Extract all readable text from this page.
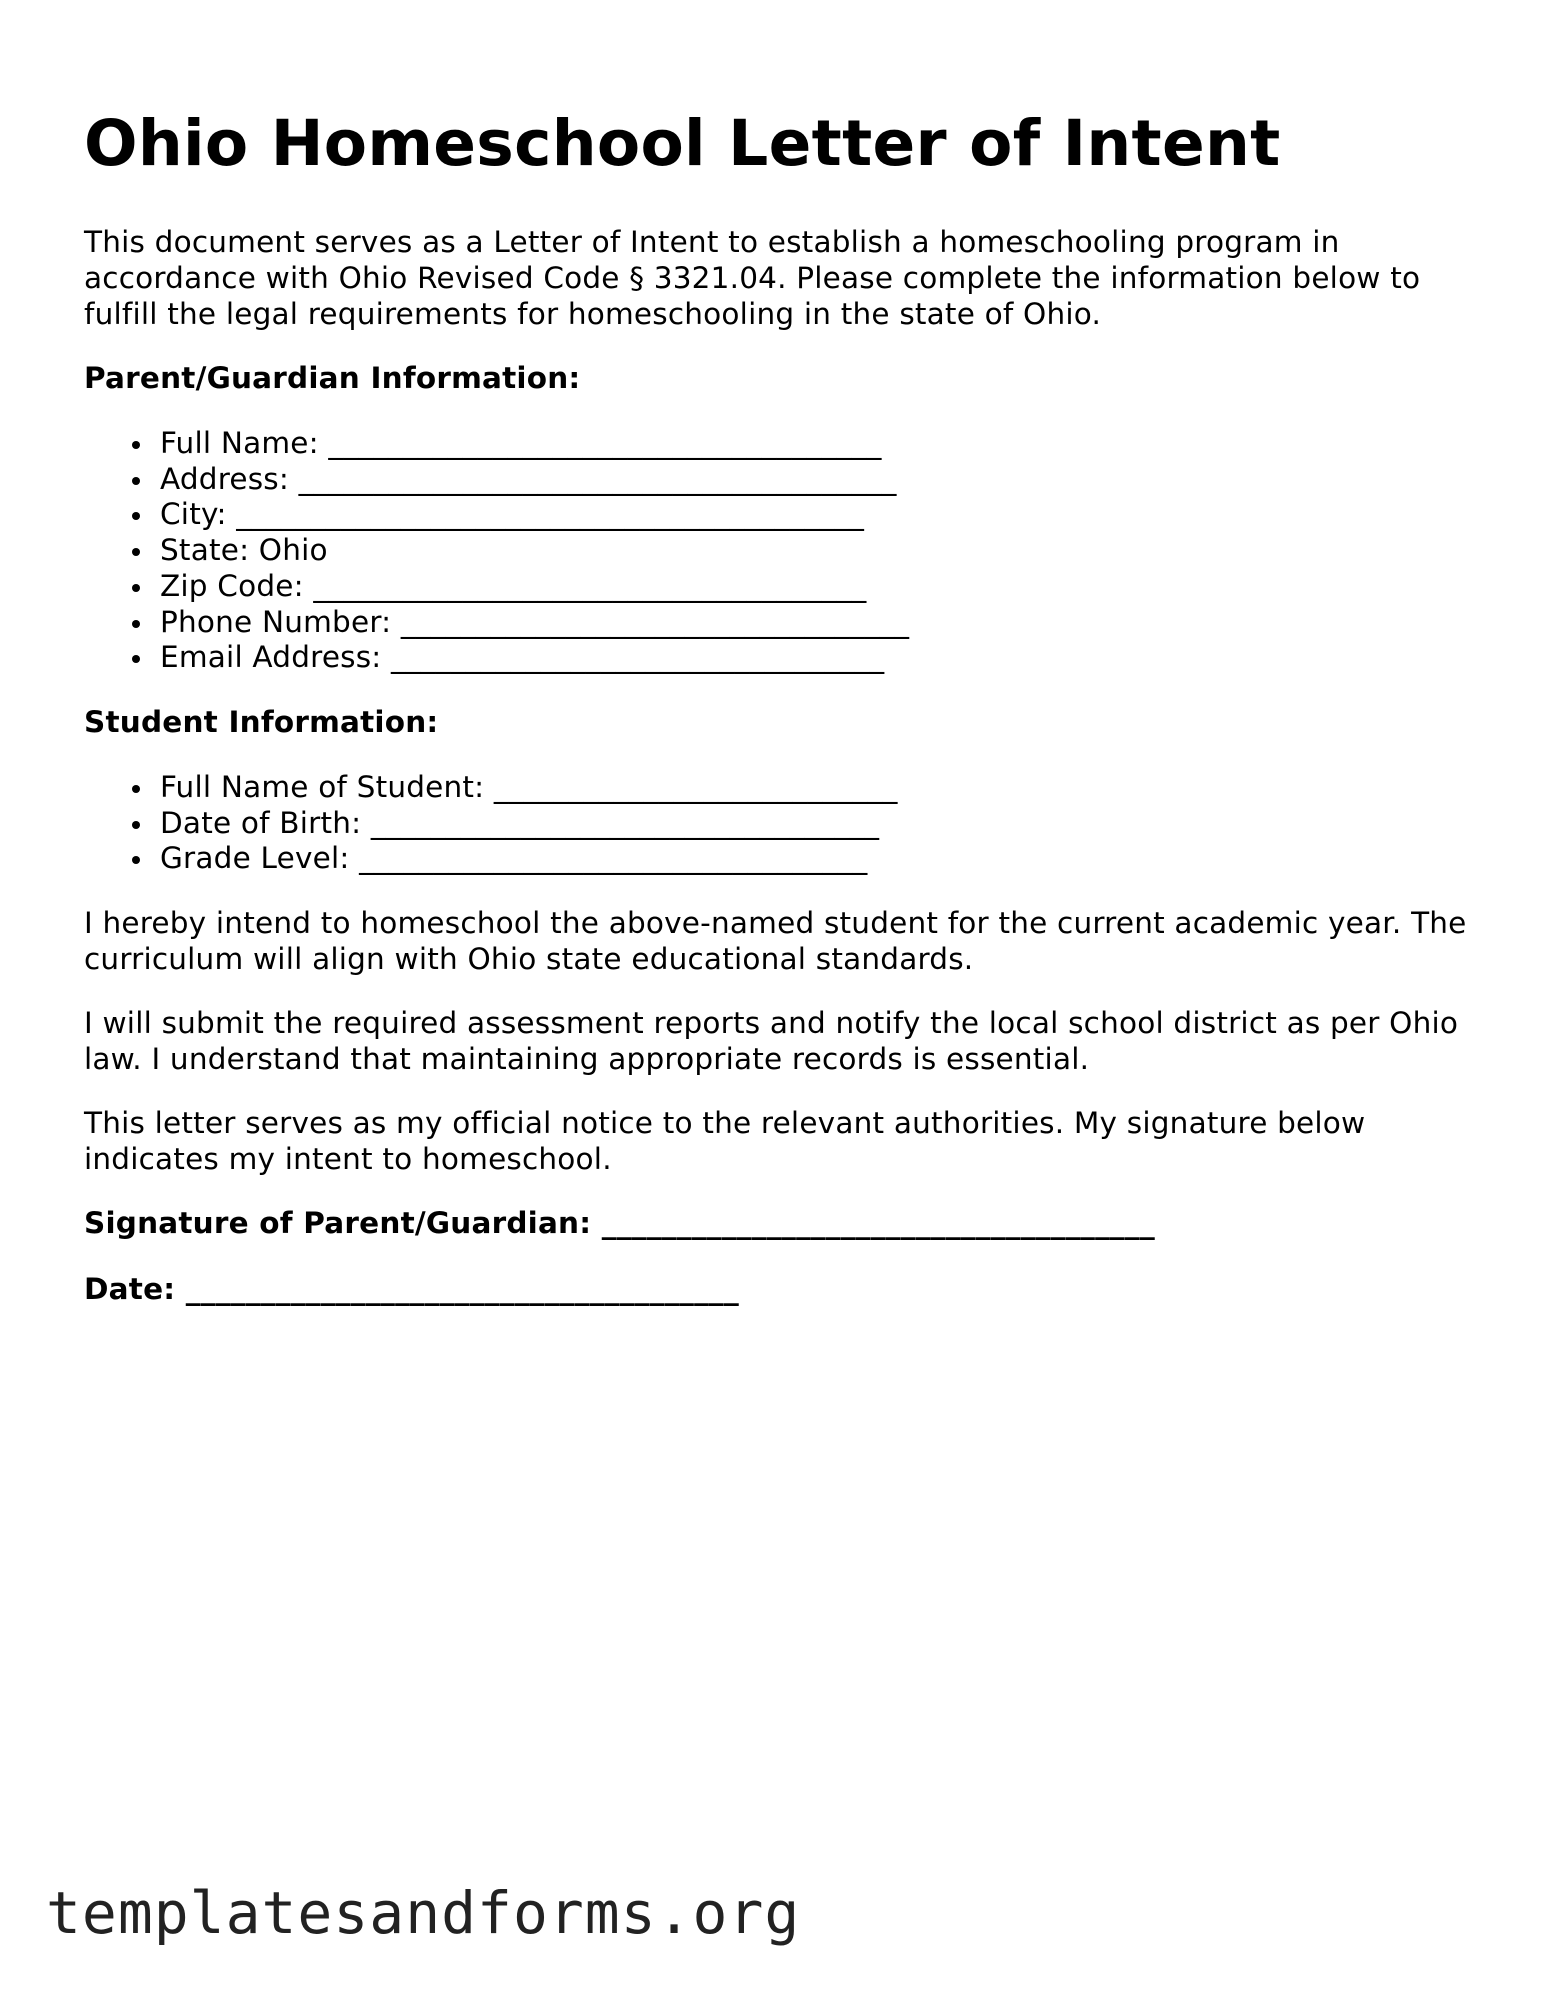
Ohio Homeschool Letter of Intent

This document serves as a Letter of Intent to establish a homeschooling program in accordance with Ohio Revised Code § 3321.04. Please complete the information below to fulfill the legal requirements for homeschooling in the state of Ohio.

Parent/Guardian Information:
Full Name: _____________________________________
Address: ________________________________________
City: __________________________________________
State: Ohio
Zip Code: _____________________________________
Phone Number: __________________________________
Email Address: _________________________________
Student Information:
Full Name of Student: ___________________________
Date of Birth: __________________________________
Grade Level: __________________________________

I hereby intend to homeschool the above-named student for the current academic year. The curriculum will align with Ohio state educational standards.

I will submit the required assessment reports and notify the local school district as per Ohio law. I understand that maintaining appropriate records is essential.

This letter serves as my official notice to the relevant authorities. My signature below indicates my intent to homeschool.

Signature of Parent/Guardian: _____________________________________
Date: _____________________________________
templatesandforms.org
